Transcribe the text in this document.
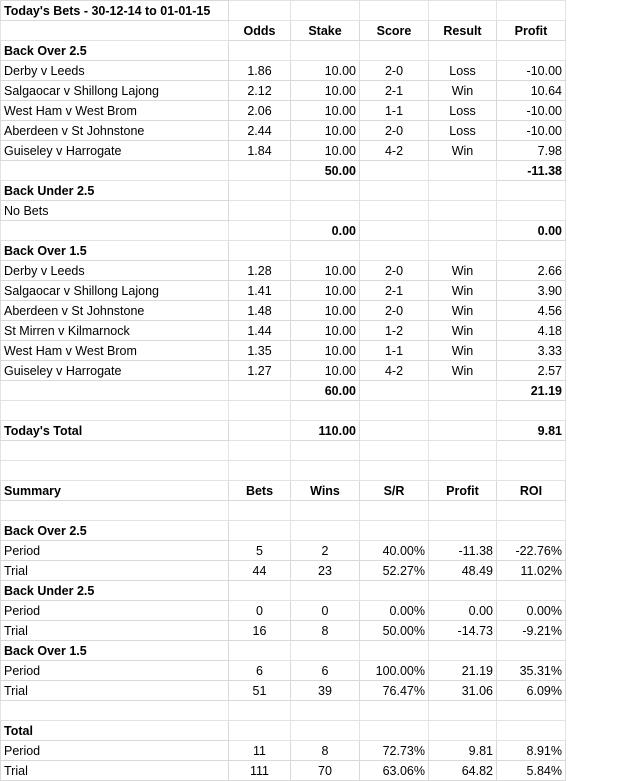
Today's Bets - 30-12-14 to 01-01-15					
	Odds	Stake	Score	Result	Profit
Back Over 2.5					
Derby v Leeds	1.86	10.00	2-0	Loss	-10.00
Salgaocar v Shillong Lajong	2.12	10.00	2-1	Win	10.64
West Ham v West Brom	2.06	10.00	1-1	Loss	-10.00
Aberdeen v St Johnstone	2.44	10.00	2-0	Loss	-10.00
Guiseley v Harrogate	1.84	10.00	4-2	Win	7.98
		50.00			-11.38
Back Under 2.5					
No Bets					
		0.00			0.00
Back Over 1.5					
Derby v Leeds	1.28	10.00	2-0	Win	2.66
Salgaocar v Shillong Lajong	1.41	10.00	2-1	Win	3.90
Aberdeen v St Johnstone	1.48	10.00	2-0	Win	4.56
St Mirren v Kilmarnock	1.44	10.00	1-2	Win	4.18
West Ham v West Brom	1.35	10.00	1-1	Win	3.33
Guiseley v Harrogate	1.27	10.00	4-2	Win	2.57
		60.00			21.19

Today's Total		110.00			9.81

Summary	Bets	Wins	S/R	Profit	ROI

Back Over 2.5					
Period	5	2	40.00%	-11.38	-22.76%
Trial	44	23	52.27%	48.49	11.02%
Back Under 2.5					
Period	0	0	0.00%	0.00	0.00%
Trial	16	8	50.00%	-14.73	-9.21%
Back Over 1.5					
Period	6	6	100.00%	21.19	35.31%
Trial	51	39	76.47%	31.06	6.09%

Total					
Period	11	8	72.73%	9.81	8.91%
Trial	111	70	63.06%	64.82	5.84%
